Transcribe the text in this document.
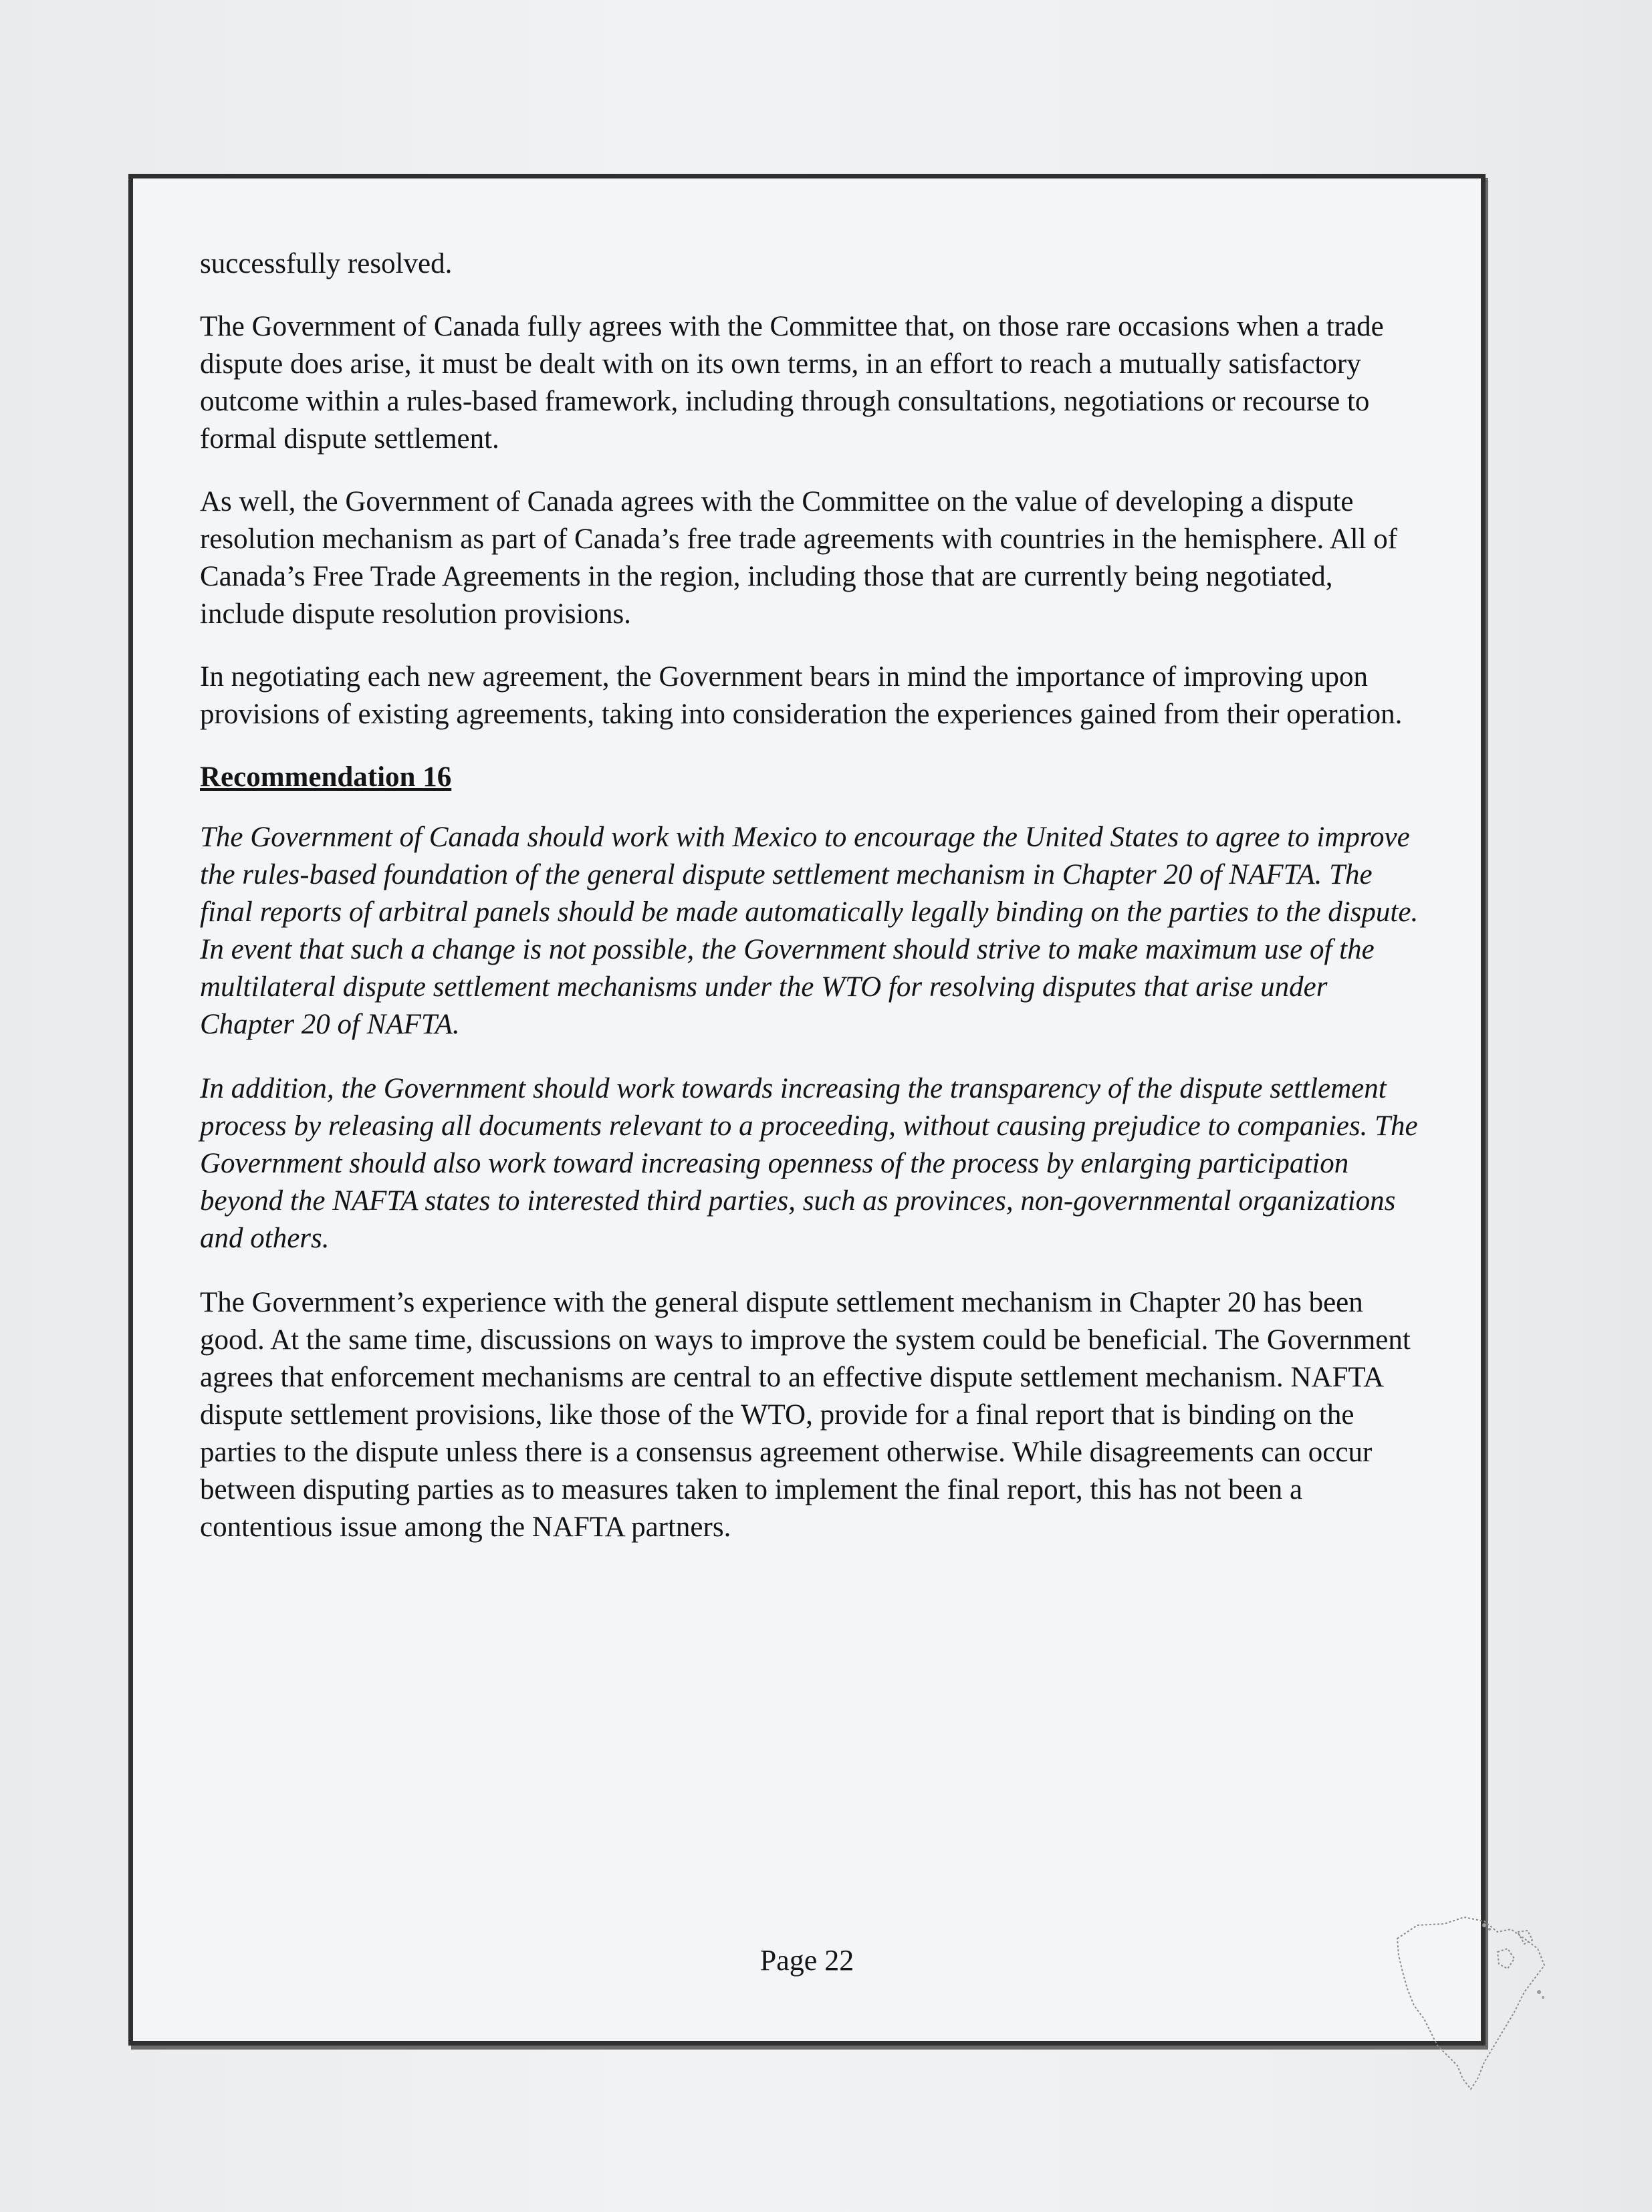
successfully resolved.

The Government of Canada fully agrees with the Committee that, on those rare occasions when a trade dispute does arise, it must be dealt with on its own terms, in an effort to reach a mutually satisfactory outcome within a rules-based framework, including through consultations, negotiations or recourse to formal dispute settlement.

As well, the Government of Canada agrees with the Committee on the value of developing a dispute resolution mechanism as part of Canada’s free trade agreements with countries in the hemisphere. All of Canada’s Free Trade Agreements in the region, including those that are currently being negotiated, include dispute resolution provisions.

In negotiating each new agreement, the Government bears in mind the importance of improving upon provisions of existing agreements, taking into consideration the experiences gained from their operation.

Recommendation 16

The Government of Canada should work with Mexico to encourage the United States to agree to improve the rules-based foundation of the general dispute settlement mechanism in Chapter 20 of NAFTA. The final reports of arbitral panels should be made automatically legally binding on the parties to the dispute. In event that such a change is not possible, the Government should strive to make maximum use of the multilateral dispute settlement mechanisms under the WTO for resolving disputes that arise under Chapter 20 of NAFTA.

In addition, the Government should work towards increasing the transparency of the dispute settlement process by releasing all documents relevant to a proceeding, without causing prejudice to companies. The Government should also work toward increasing openness of the process by enlarging participation beyond the NAFTA states to interested third parties, such as provinces, non-governmental organizations and others.

The Government’s experience with the general dispute settlement mechanism in Chapter 20 has been good. At the same time, discussions on ways to improve the system could be beneficial. The Government agrees that enforcement mechanisms are central to an effective dispute settlement mechanism. NAFTA dispute settlement provisions, like those of the WTO, provide for a final report that is binding on the parties to the dispute unless there is a consensus agreement otherwise. While disagreements can occur between disputing parties as to measures taken to implement the final report, this has not been a contentious issue among the NAFTA partners.

Page 22
